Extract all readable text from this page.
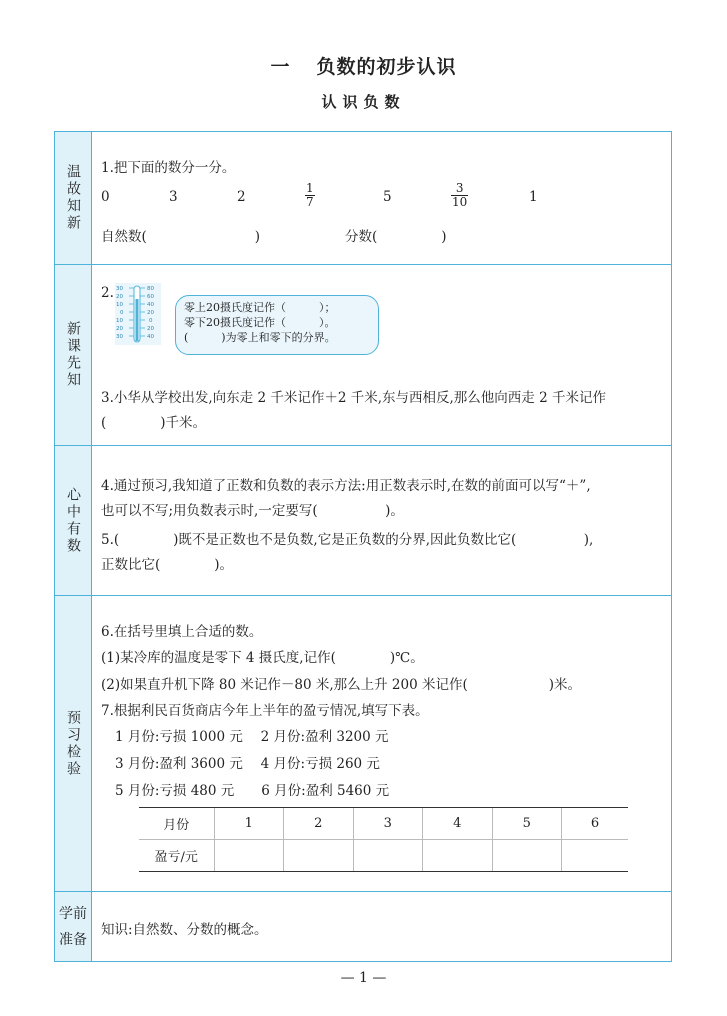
一 负数的初步认识
认识负数
温故知新 1.把下面的数分一分。
0	3	2	$\frac{1}{7}$	5	$\frac{3}{10}$	1
自然数(	)	分数(	)
新课先知
2. 30
20
10
0
10
20
30
80
60
40
20
0
20
40
零上20摄氏度记作（　　　）；
零下20摄氏度记作（　　　）。
(　　　)为零上和零下的分界。
3.小华从学校出发,向东走 2 千米记作＋2 千米,东与西相反,那么他向西走 2 千米记作
(　　　　)千米。
心中有数
4.通过预习,我知道了正数和负数的表示方法:用正数表示时,在数的前面可以写“＋”,
也可以不写;用负数表示时,一定要写(　　　　　)。
5.(　　　　)既不是正数也不是负数,它是正负数的分界,因此负数比它(　　　　　),
正数比它(　　　　)。
预习检验
6.在括号里填上合适的数。
(1)某冷库的温度是零下 4 摄氏度,记作(　　　　)℃。
(2)如果直升机下降 80 米记作－80 米,那么上升 200 米记作(　　　　　　)米。
7.根据利民百货商店今年上半年的盈亏情况,填写下表。
1 月份:亏损 1000 元　 2 月份:盈利 3200 元
3 月份:盈利 3600 元　 4 月份:亏损 260 元
5 月份:亏损 480 元　　6 月份:盈利 5460 元
月份	1	2	3	4	5	6
盈亏/元						
学前
准备
知识:自然数、分数的概念。
— 1 —
